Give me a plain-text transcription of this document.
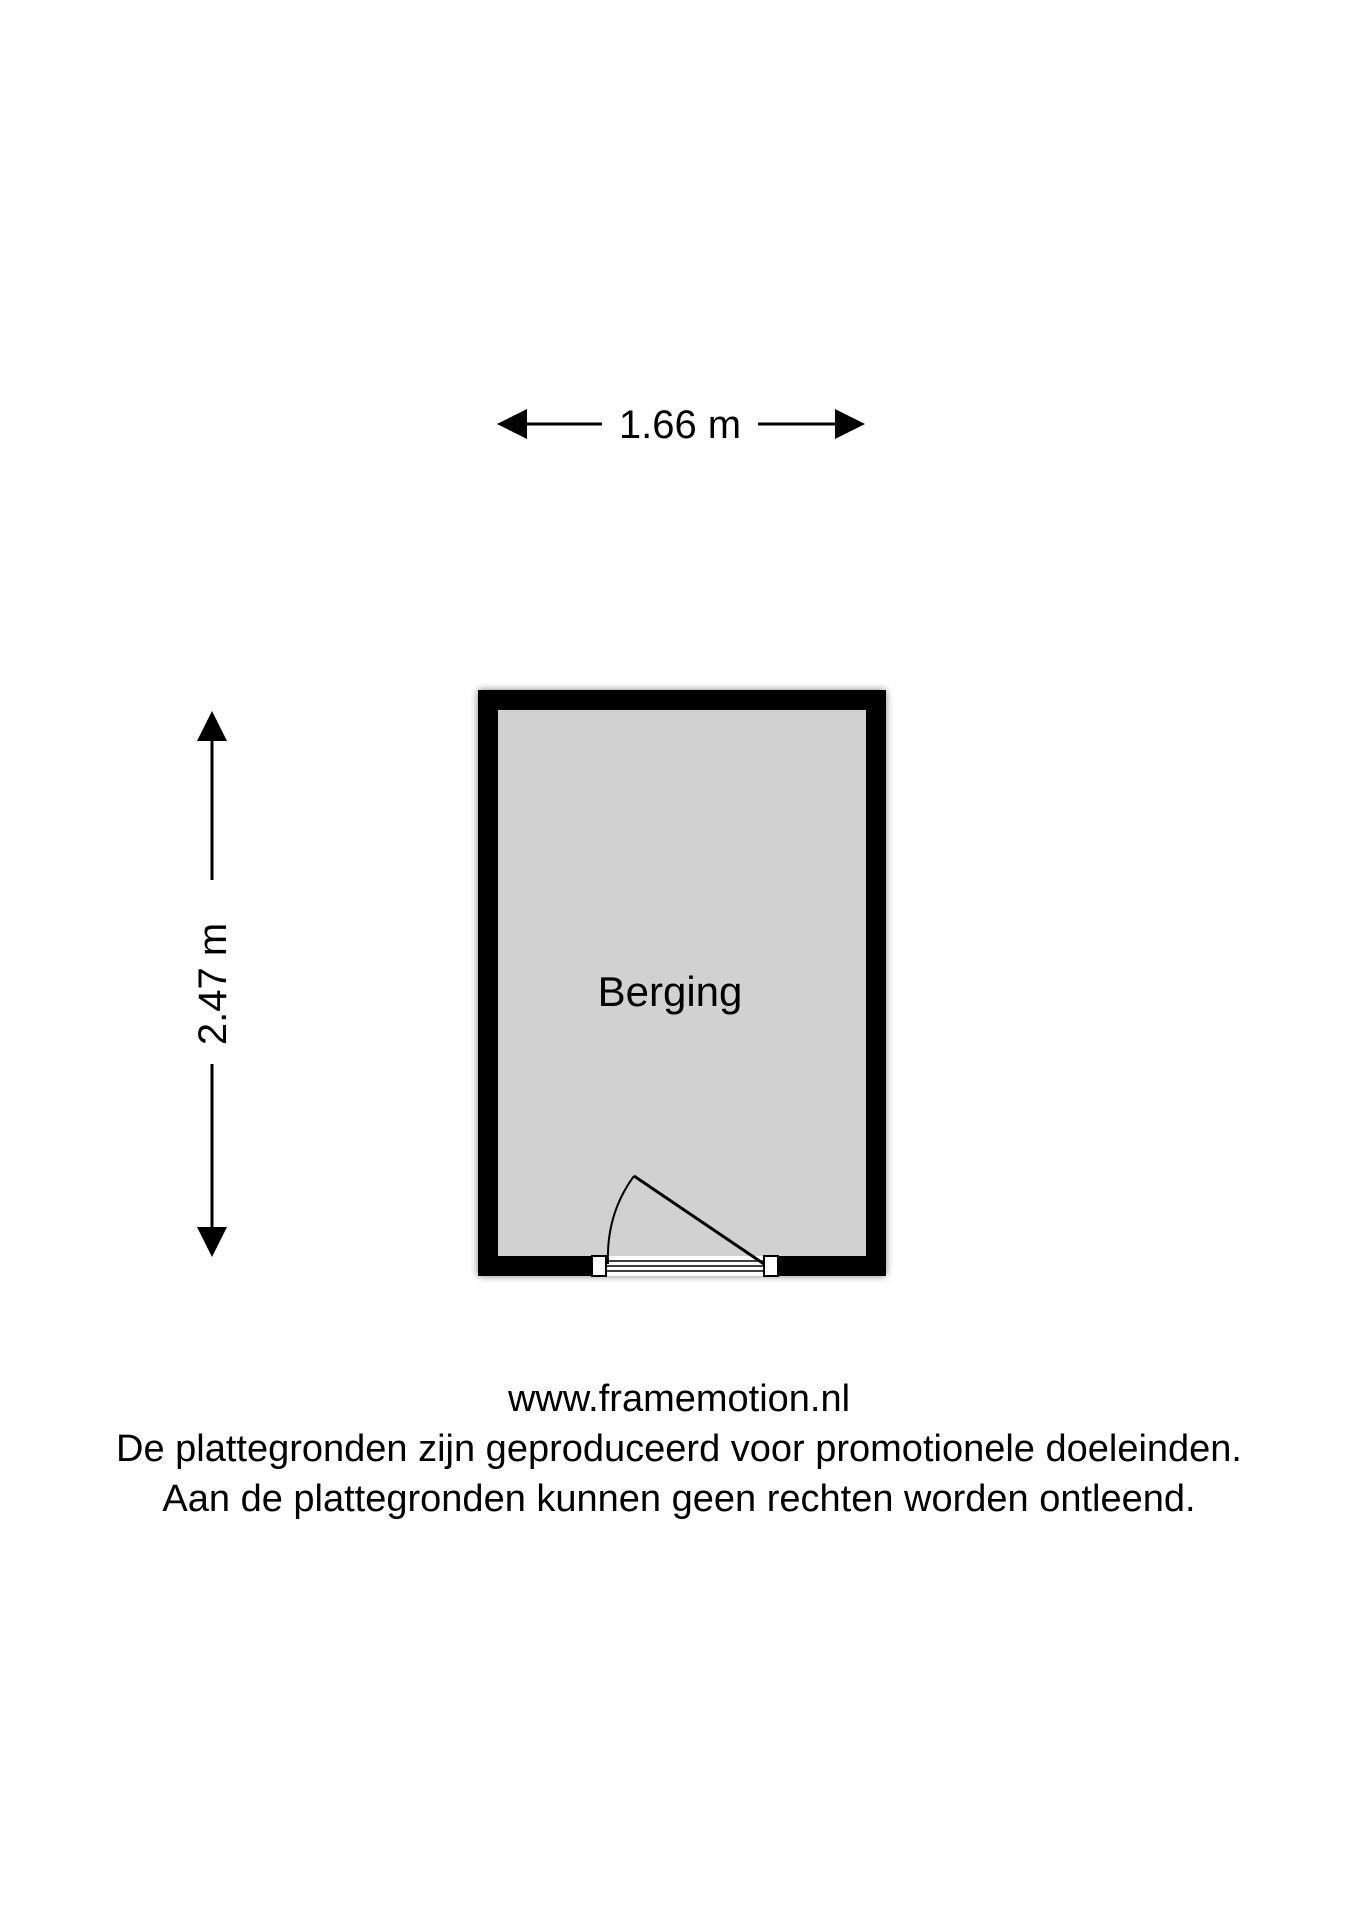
1.66 m
2.47 m	Berging
www.framemotion.nl
De plattegronden zijn geproduceerd voor promotionele doeleinden.
Aan de plattegronden kunnen geen rechten worden ontleend.
